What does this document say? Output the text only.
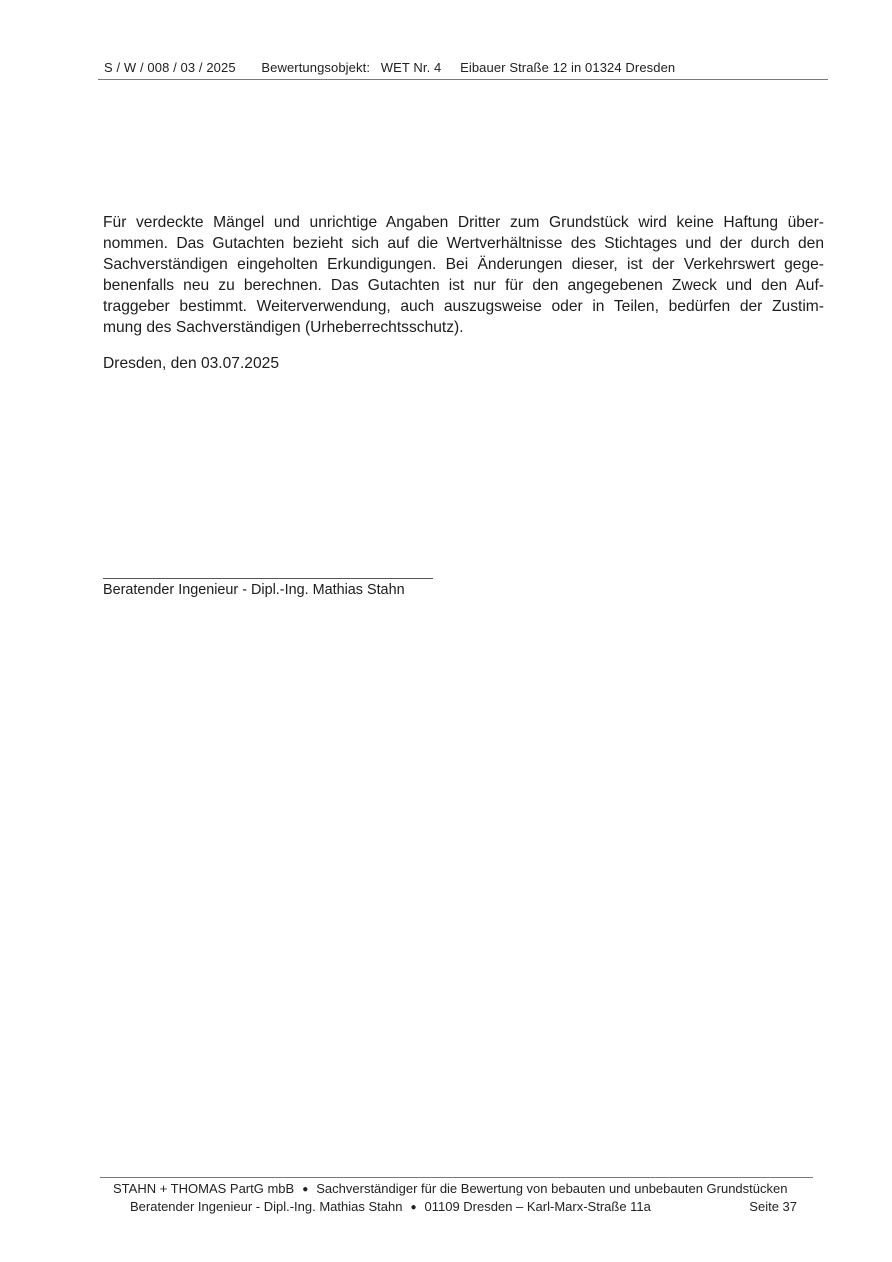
S / W / 008 / 03 / 2025 Bewertungsobjekt: WET Nr. 4 Eibauer Straße 12 in 01324 Dresden
Für verdeckte Mängel und unrichtige Angaben Dritter zum Grundstück wird keine Haftung über-
nommen. Das Gutachten bezieht sich auf die Wertverhältnisse des Stichtages und der durch den
Sachverständigen eingeholten Erkundigungen. Bei Änderungen dieser, ist der Verkehrswert gege-
benenfalls neu zu berechnen. Das Gutachten ist nur für den angegebenen Zweck und den Auf-
traggeber bestimmt. Weiterverwendung, auch auszugsweise oder in Teilen, bedürfen der Zustim-
mung des Sachverständigen (Urheberrechtsschutz).
Dresden, den 03.07.2025
Beratender Ingenieur - Dipl.-Ing. Mathias Stahn
STAHN + THOMAS PartG mbB ● Sachverständiger für die Bewertung von bebauten und unbebauten Grundstücken
Beratender Ingenieur - Dipl.-Ing. Mathias Stahn ● 01109 Dresden – Karl-Marx-Straße 11a	Seite 37
